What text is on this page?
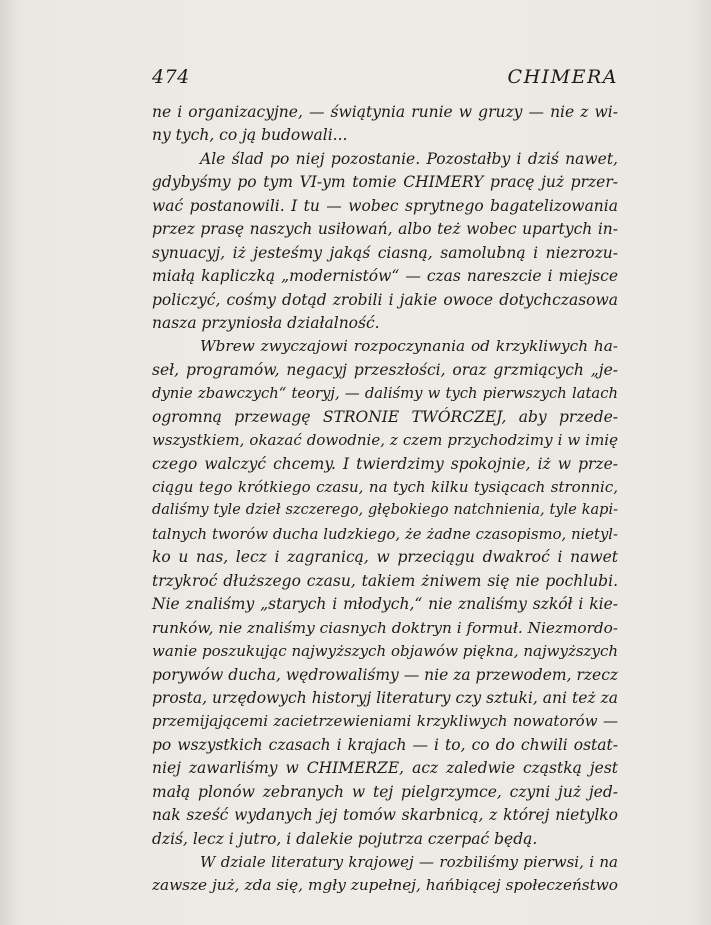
474	CHIMERA
ne i organizacyjne, — świątynia runie w gruzy — nie z wi-
ny tych, co ją budowali...
Ale ślad po niej pozostanie. Pozostałby i dziś nawet,
gdybyśmy po tym VI-ym tomie CHIMERY pracę już przer-
wać postanowili. I tu — wobec sprytnego bagatelizowania
przez prasę naszych usiłowań, albo też wobec upartych in-
synuacyj, iż jesteśmy jakąś ciasną, samolubną i niezrozu-
miałą kapliczką „modernistów“ — czas nareszcie i miejsce
policzyć, cośmy dotąd zrobili i jakie owoce dotychczasowa
nasza przyniosła działalność.
Wbrew zwyczajowi rozpoczynania od krzykliwych ha-
seł, programów, negacyj przeszłości, oraz grzmiących „je-
dynie zbawczych“ teoryj, — daliśmy w tych pierwszych latach
ogromną przewagę STRONIE TWÓRCZEJ, aby przede-
wszystkiem, okazać dowodnie, z czem przychodzimy i w imię
czego walczyć chcemy. I twierdzimy spokojnie, iż w prze-
ciągu tego krótkiego czasu, na tych kilku tysiącach stronnic,
daliśmy tyle dzieł szczerego, głębokiego natchnienia, tyle kapi-
talnych tworów ducha ludzkiego, że żadne czasopismo, nietyl-
ko u nas, lecz i zagranicą, w przeciągu dwakroć i nawet
trzykroć dłuższego czasu, takiem żniwem się nie pochlubi.
Nie znaliśmy „starych i młodych,“ nie znaliśmy szkół i kie-
runków, nie znaliśmy ciasnych doktryn i formuł. Niezmordo-
wanie poszukując najwyższych objawów piękna, najwyższych
porywów ducha, wędrowaliśmy — nie za przewodem, rzecz
prosta, urzędowych historyj literatury czy sztuki, ani też za
przemijającemi zacietrzewieniami krzykliwych nowatorów —
po wszystkich czasach i krajach — i to, co do chwili ostat-
niej zawarliśmy w CHIMERZE, acz zaledwie cząstką jest
małą plonów zebranych w tej pielgrzymce, czyni już jed-
nak sześć wydanych jej tomów skarbnicą, z której nietylko
dziś, lecz i jutro, i dalekie pojutrza czerpać będą.
W dziale literatury krajowej — rozbiliśmy pierwsi, i na
zawsze już, zda się, mgły zupełnej, hańbiącej społeczeństwo
